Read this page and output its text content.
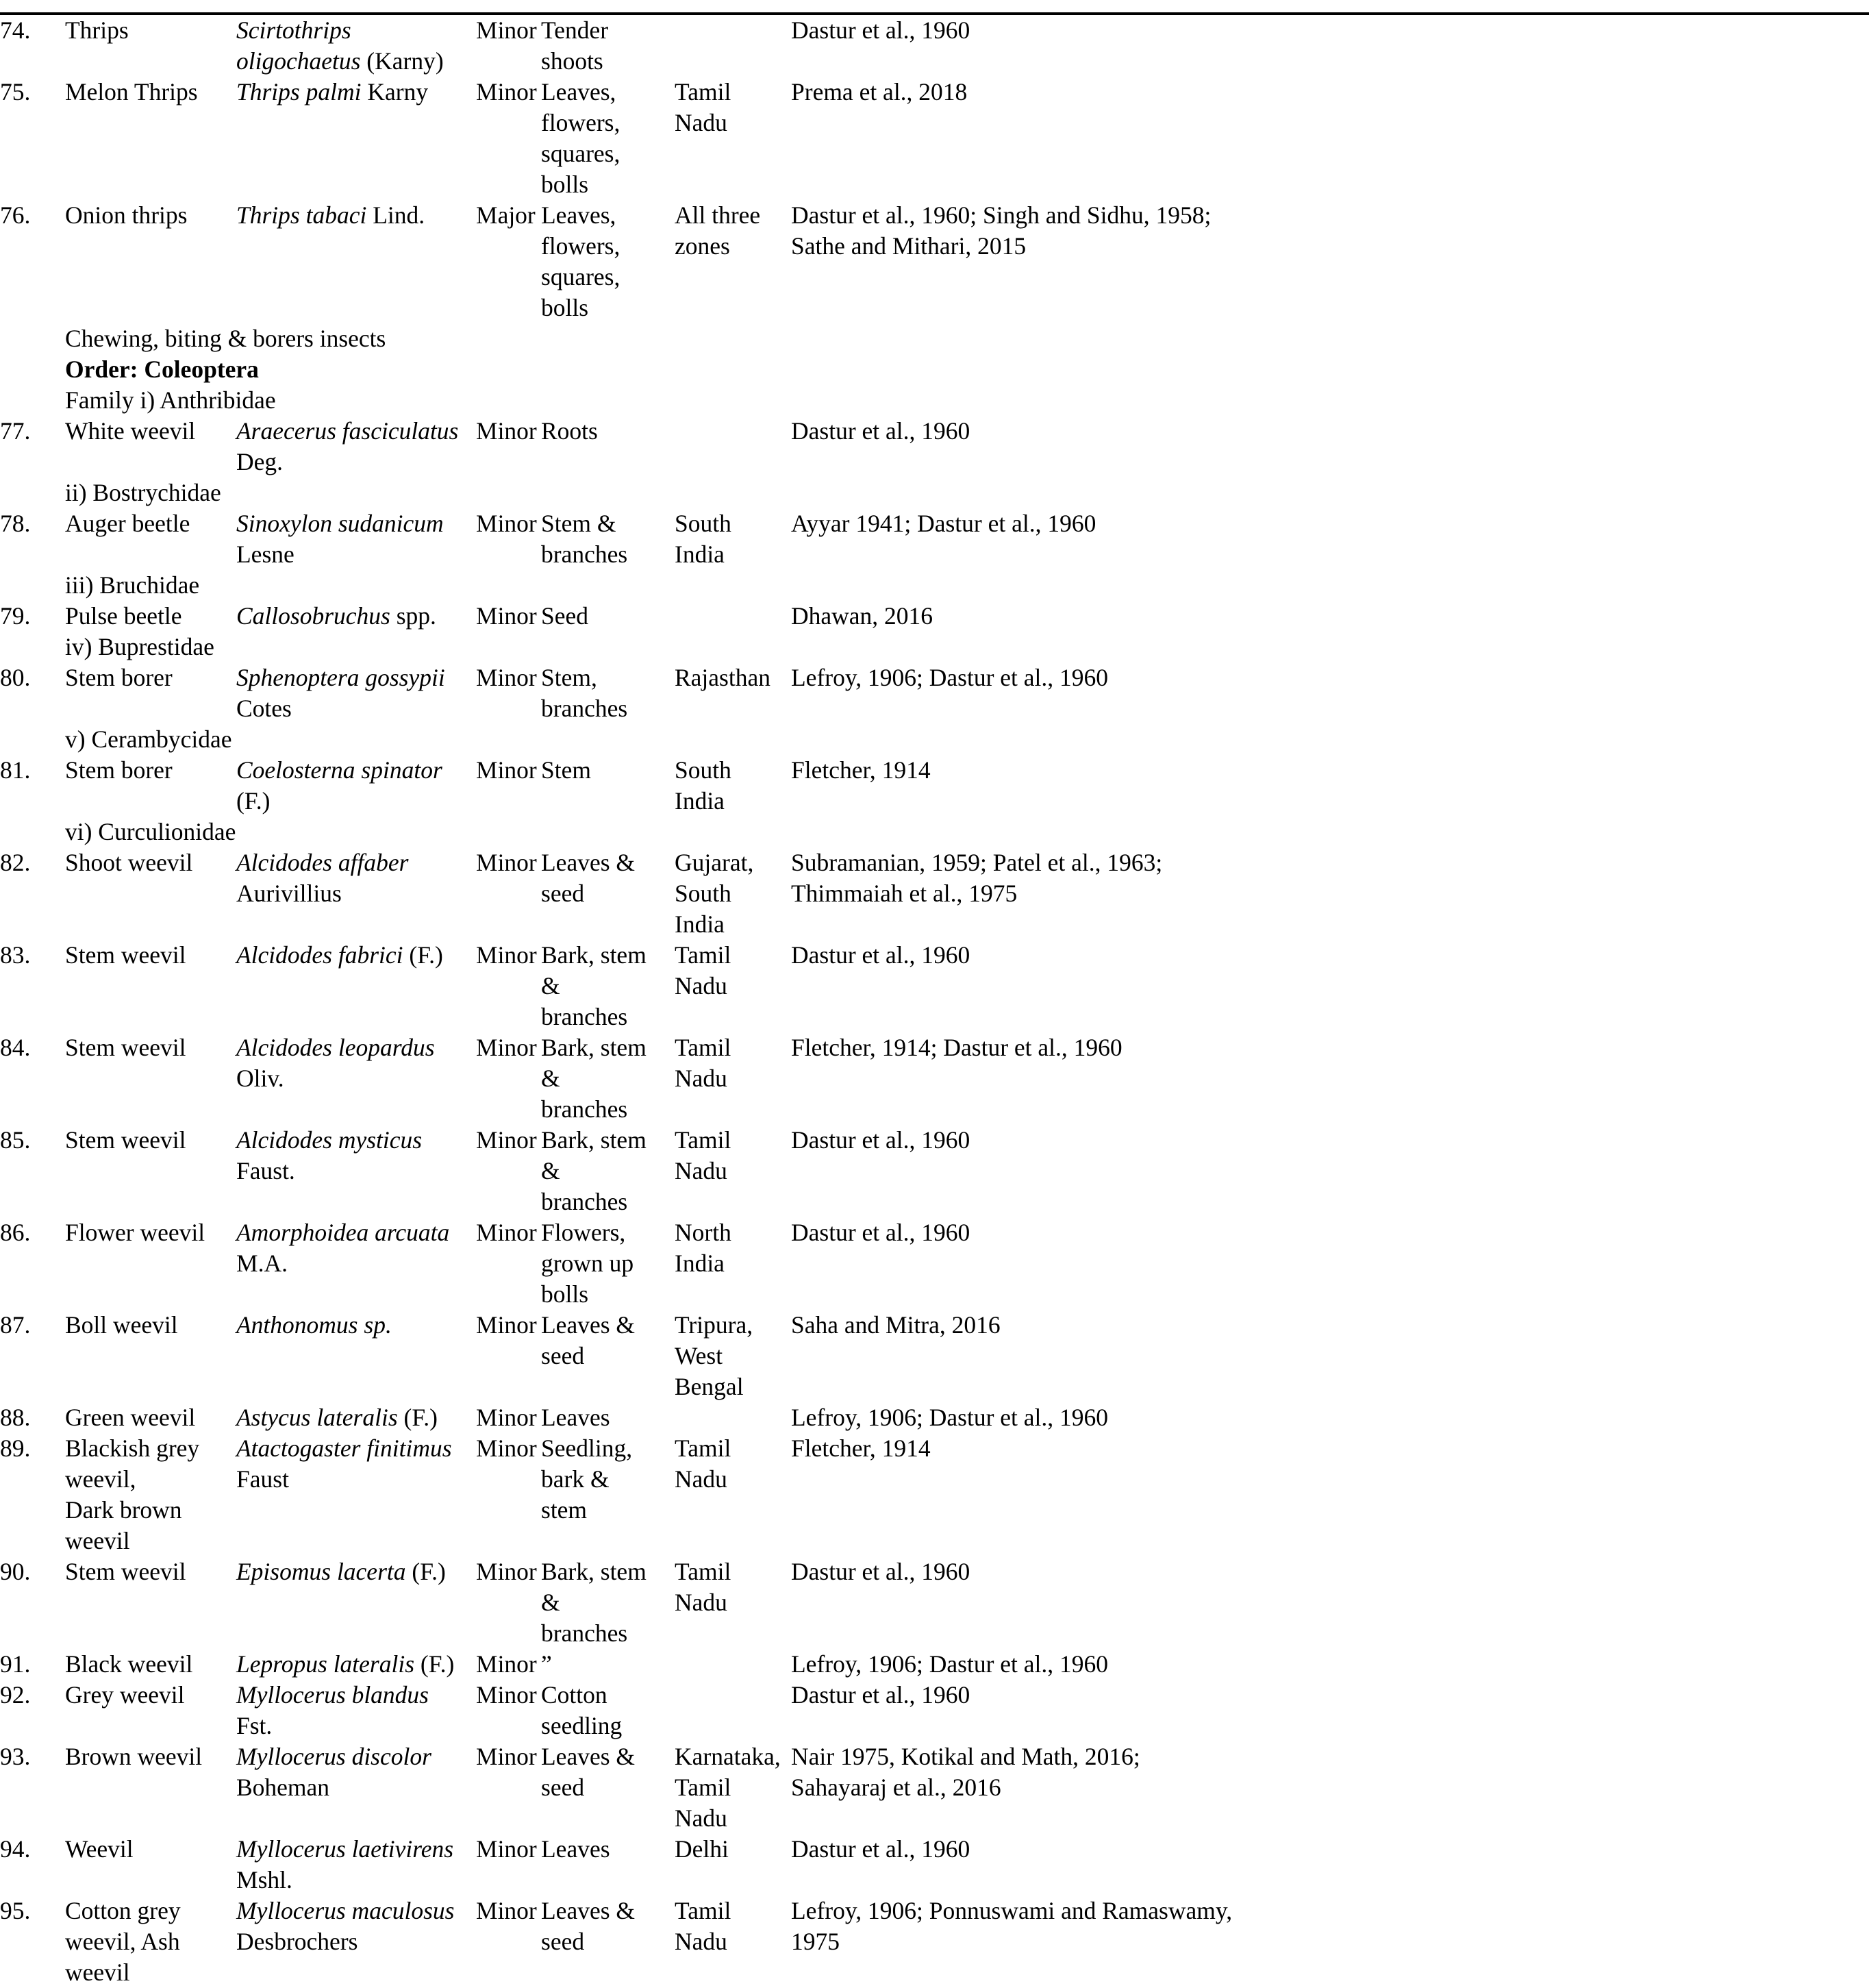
74.	Thrips	Scirtothrips oligochaetus (Karny)	Minor	Tender shoots		Dastur et al., 1960

75.	Melon Thrips	Thrips palmi Karny	Minor	Leaves, flowers,
squares, bolls	Tamil Nadu	Prema et al., 2018

76.	Onion thrips	Thrips tabaci Lind.	Major	Leaves, flowers,
squares, bolls	All three zones	Dastur et al., 1960; Singh and Sidhu, 1958;
Sathe and Mithari, 2015

	Chewing, biting & borers insects
Order: Coleoptera
Family i) Anthribidae					

77.	White weevil	Araecerus fasciculatus Deg.	Minor	Roots		Dastur et al., 1960

	ii) Bostrychidae					

78.	Auger beetle	Sinoxylon sudanicum Lesne	Minor	Stem & branches	South India	Ayyar 1941; Dastur et al., 1960

	iii) Bruchidae					

79.	Pulse beetle	Callosobruchus spp.	Minor	Seed		Dhawan, 2016

	iv) Buprestidae					

80.	Stem borer	Sphenoptera gossypii Cotes	Minor	Stem, branches	Rajasthan	Lefroy, 1906; Dastur et al., 1960

	v) Cerambycidae					

81.	Stem borer	Coelosterna spinator (F.)	Minor	Stem	South India	Fletcher, 1914

	vi) Curculionidae					

82.	Shoot weevil	Alcidodes affaber Aurivillius	Minor	Leaves & seed	Gujarat, South
India	Subramanian, 1959; Patel et al., 1963;
Thimmaiah et al., 1975

83.	Stem weevil	Alcidodes fabrici (F.)	Minor	Bark, stem &
branches	Tamil Nadu	Dastur et al., 1960

84.	Stem weevil	Alcidodes leopardus Oliv.	Minor	Bark, stem &
branches	Tamil Nadu	Fletcher, 1914; Dastur et al., 1960

85.	Stem weevil	Alcidodes mysticus Faust.	Minor	Bark, stem &
branches	Tamil Nadu	Dastur et al., 1960

86.	Flower weevil	Amorphoidea arcuata M.A.	Minor	Flowers, grown up
bolls	North India	Dastur et al., 1960

87.	Boll weevil	Anthonomus sp.	Minor	Leaves & seed	Tripura,
West Bengal	Saha and Mitra, 2016

88.	Green weevil	Astycus lateralis (F.)	Minor	Leaves		Lefroy, 1906; Dastur et al., 1960

89.	Blackish grey weevil,
Dark brown weevil	Atactogaster finitimus Faust	Minor	Seedling, bark &
stem	Tamil Nadu	Fletcher, 1914

90.	Stem weevil	Episomus lacerta (F.)	Minor	Bark, stem &
branches	Tamil Nadu	Dastur et al., 1960

91.	Black weevil	Lepropus lateralis (F.)	Minor	”		Lefroy, 1906; Dastur et al., 1960

92.	Grey weevil	Myllocerus blandus Fst.	Minor	Cotton seedling		Dastur et al., 1960

93.	Brown weevil	Myllocerus discolor Boheman	Minor	Leaves & seed	Karnataka,
Tamil Nadu	Nair 1975, Kotikal and Math, 2016;
Sahayaraj et al., 2016

94.	Weevil	Myllocerus laetivirens Mshl.	Minor	Leaves	Delhi	Dastur et al., 1960

95.	Cotton grey weevil, Ash
weevil	Myllocerus maculosus Desbrochers	Minor	Leaves & seed	Tamil Nadu	Lefroy, 1906; Ponnuswami and Ramaswamy,
1975
